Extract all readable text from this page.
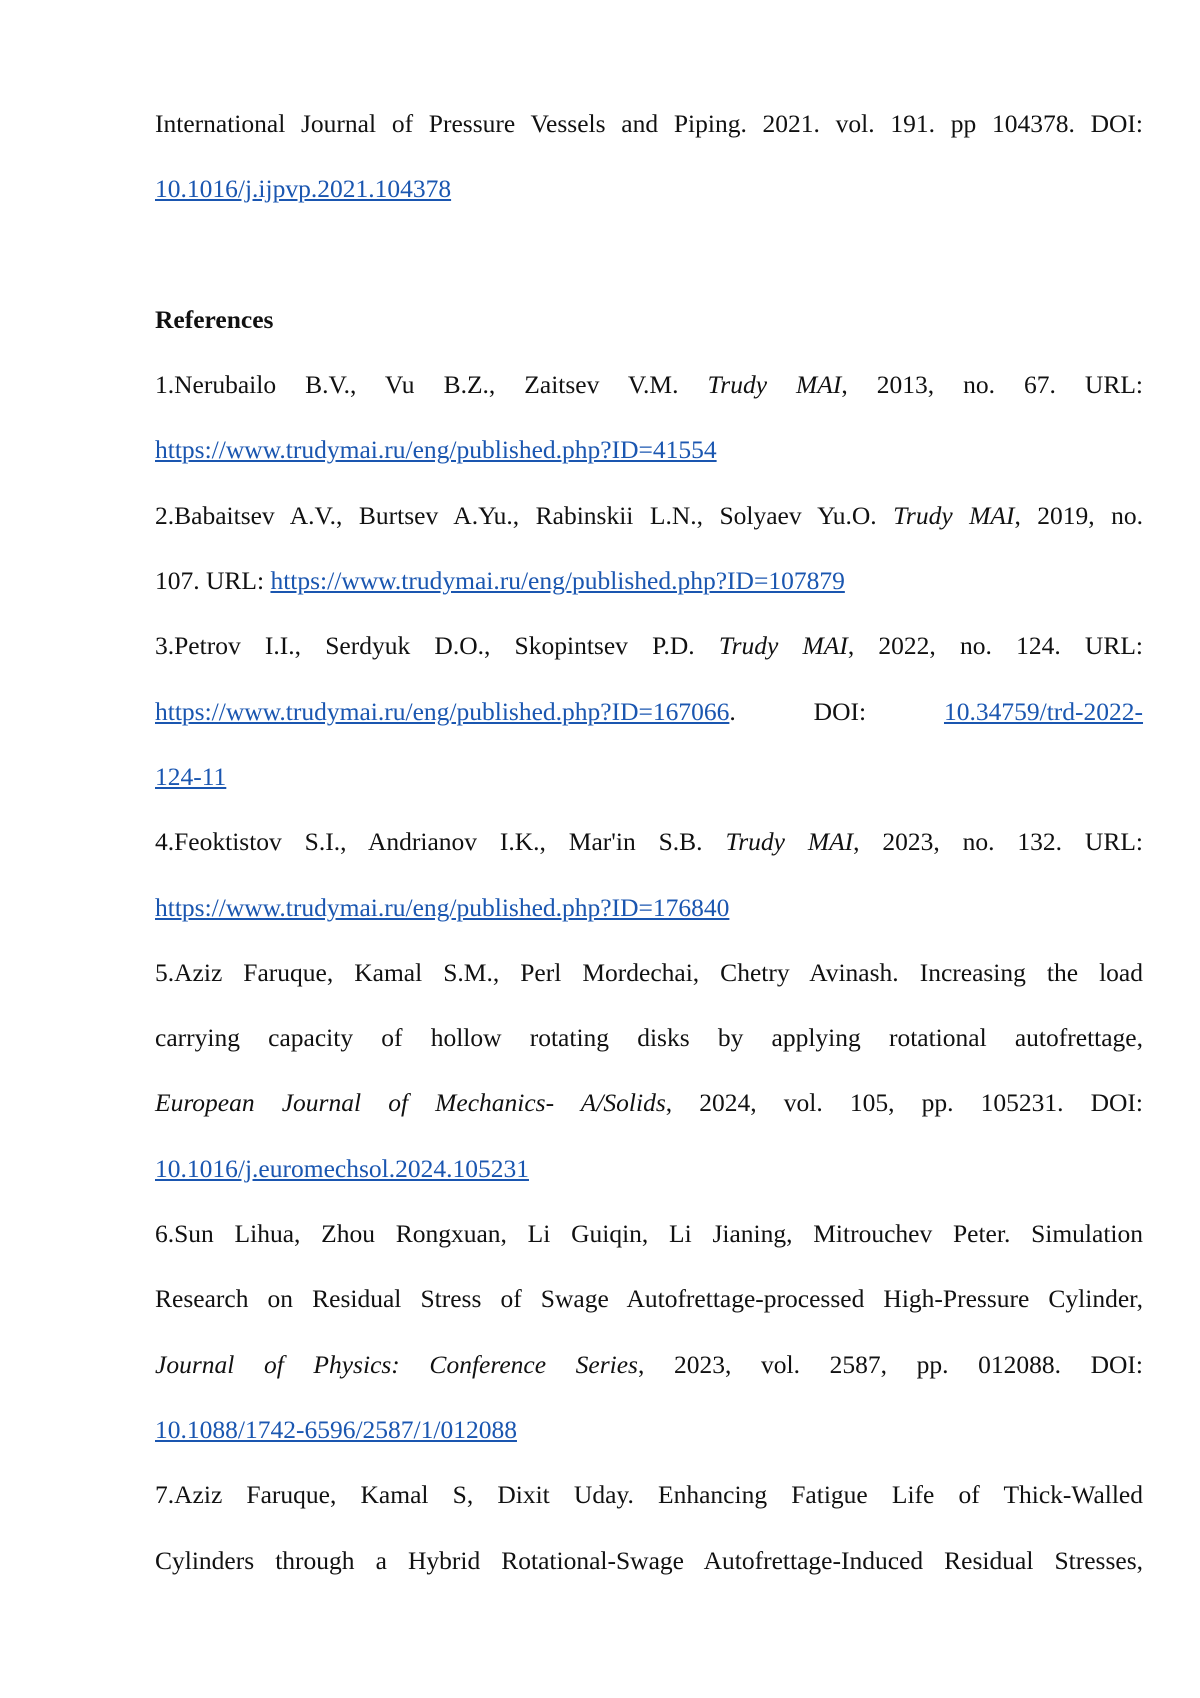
International Journal of Pressure Vessels and Piping. 2021. vol. 191. pp 104378. DOI:
10.1016/j.ijpvp.2021.104378
References
1.Nerubailo B.V., Vu B.Z., Zaitsev V.M. Trudy MAI, 2013, no. 67. URL:
https://www.trudymai.ru/eng/published.php?ID=41554
2.Babaitsev A.V., Burtsev A.Yu., Rabinskii L.N., Solyaev Yu.O. Trudy MAI, 2019, no.
107. URL: https://www.trudymai.ru/eng/published.php?ID=107879
3.Petrov I.I., Serdyuk D.O., Skopintsev P.D. Trudy MAI, 2022, no. 124. URL:
https://www.trudymai.ru/eng/published.php?ID=167066. DOI:	10.34759/trd-2022-
124-11
4.Feoktistov S.I., Andrianov I.K., Mar'in S.B. Trudy MAI, 2023, no. 132. URL:
https://www.trudymai.ru/eng/published.php?ID=176840
5.Aziz Faruque, Kamal S.M., Perl Mordechai, Chetry Avinash. Increasing the load
carrying capacity of hollow rotating disks by applying rotational autofrettage,
European Journal of Mechanics- A/Solids, 2024, vol. 105, pp. 105231. DOI:
10.1016/j.euromechsol.2024.105231
6.Sun Lihua, Zhou Rongxuan, Li Guiqin, Li Jianing, Mitrouchev Peter. Simulation
Research on Residual Stress of Swage Autofrettage-processed High-Pressure Cylinder,
Journal of Physics: Conference Series, 2023, vol. 2587, pp. 012088. DOI:
10.1088/1742-6596/2587/1/012088
7.Aziz Faruque, Kamal S, Dixit Uday. Enhancing Fatigue Life of Thick-Walled
Cylinders through a Hybrid Rotational-Swage Autofrettage-Induced Residual Stresses,
